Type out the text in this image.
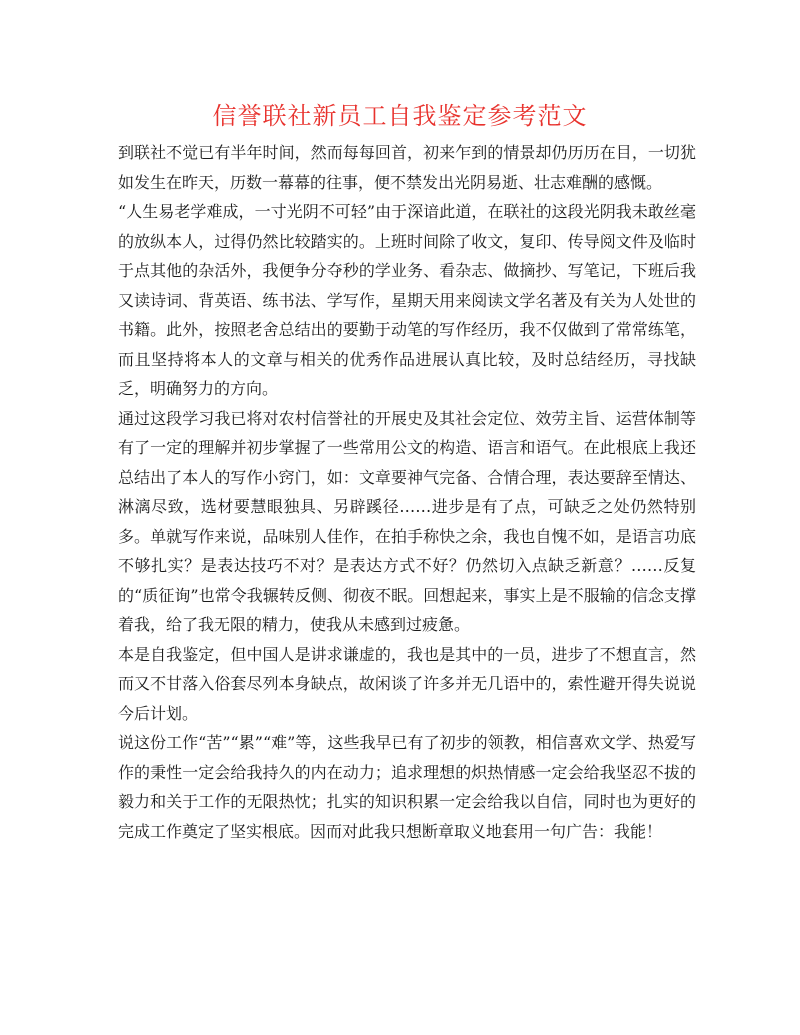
信誉联社新员工自我鉴定参考范文

到联社不觉已有半年时间，然而每每回首，初来乍到的情景却仍历历在目，一切犹如发生在昨天，历数一幕幕的往事，便不禁发出光阴易逝、壮志难酬的感慨。

“人生易老学难成，一寸光阴不可轻”由于深谙此道，在联社的这段光阴我未敢丝毫的放纵本人，过得仍然比较踏实的。上班时间除了收文，复印、传导阅文件及临时于点其他的杂活外，我便争分夺秒的学业务、看杂志、做摘抄、写笔记，下班后我又读诗词、背英语、练书法、学写作，星期天用来阅读文学名著及有关为人处世的书籍。此外，按照老舍总结出的要勤于动笔的写作经历，我不仅做到了常常练笔，而且坚持将本人的文章与相关的优秀作品进展认真比较，及时总结经历，寻找缺乏，明确努力的方向。

通过这段学习我已将对农村信誉社的开展史及其社会定位、效劳主旨、运营体制等有了一定的理解并初步掌握了一些常用公文的构造、语言和语气。在此根底上我还总结出了本人的写作小窍门，如：文章要神气完备、合情合理，表达要辞至情达、淋漓尽致，选材要慧眼独具、另辟蹊径……进步是有了点，可缺乏之处仍然特别多。单就写作来说，品味别人佳作，在拍手称快之余，我也自愧不如，是语言功底不够扎实？是表达技巧不对？是表达方式不好？仍然切入点缺乏新意？……反复的“质征询”也常令我辗转反侧、彻夜不眠。回想起来，事实上是不服输的信念支撑着我，给了我无限的精力，使我从未感到过疲惫。

本是自我鉴定，但中国人是讲求谦虚的，我也是其中的一员，进步了不想直言，然而又不甘落入俗套尽列本身缺点，故闲谈了许多并无几语中的，索性避开得失说说今后计划。

说这份工作“苦”“累”“难”等，这些我早已有了初步的领教，相信喜欢文学、热爱写作的秉性一定会给我持久的内在动力；追求理想的炽热情感一定会给我坚忍不拔的毅力和关于工作的无限热忱；扎实的知识积累一定会给我以自信，同时也为更好的完成工作奠定了坚实根底。因而对此我只想断章取义地套用一句广告：我能！
